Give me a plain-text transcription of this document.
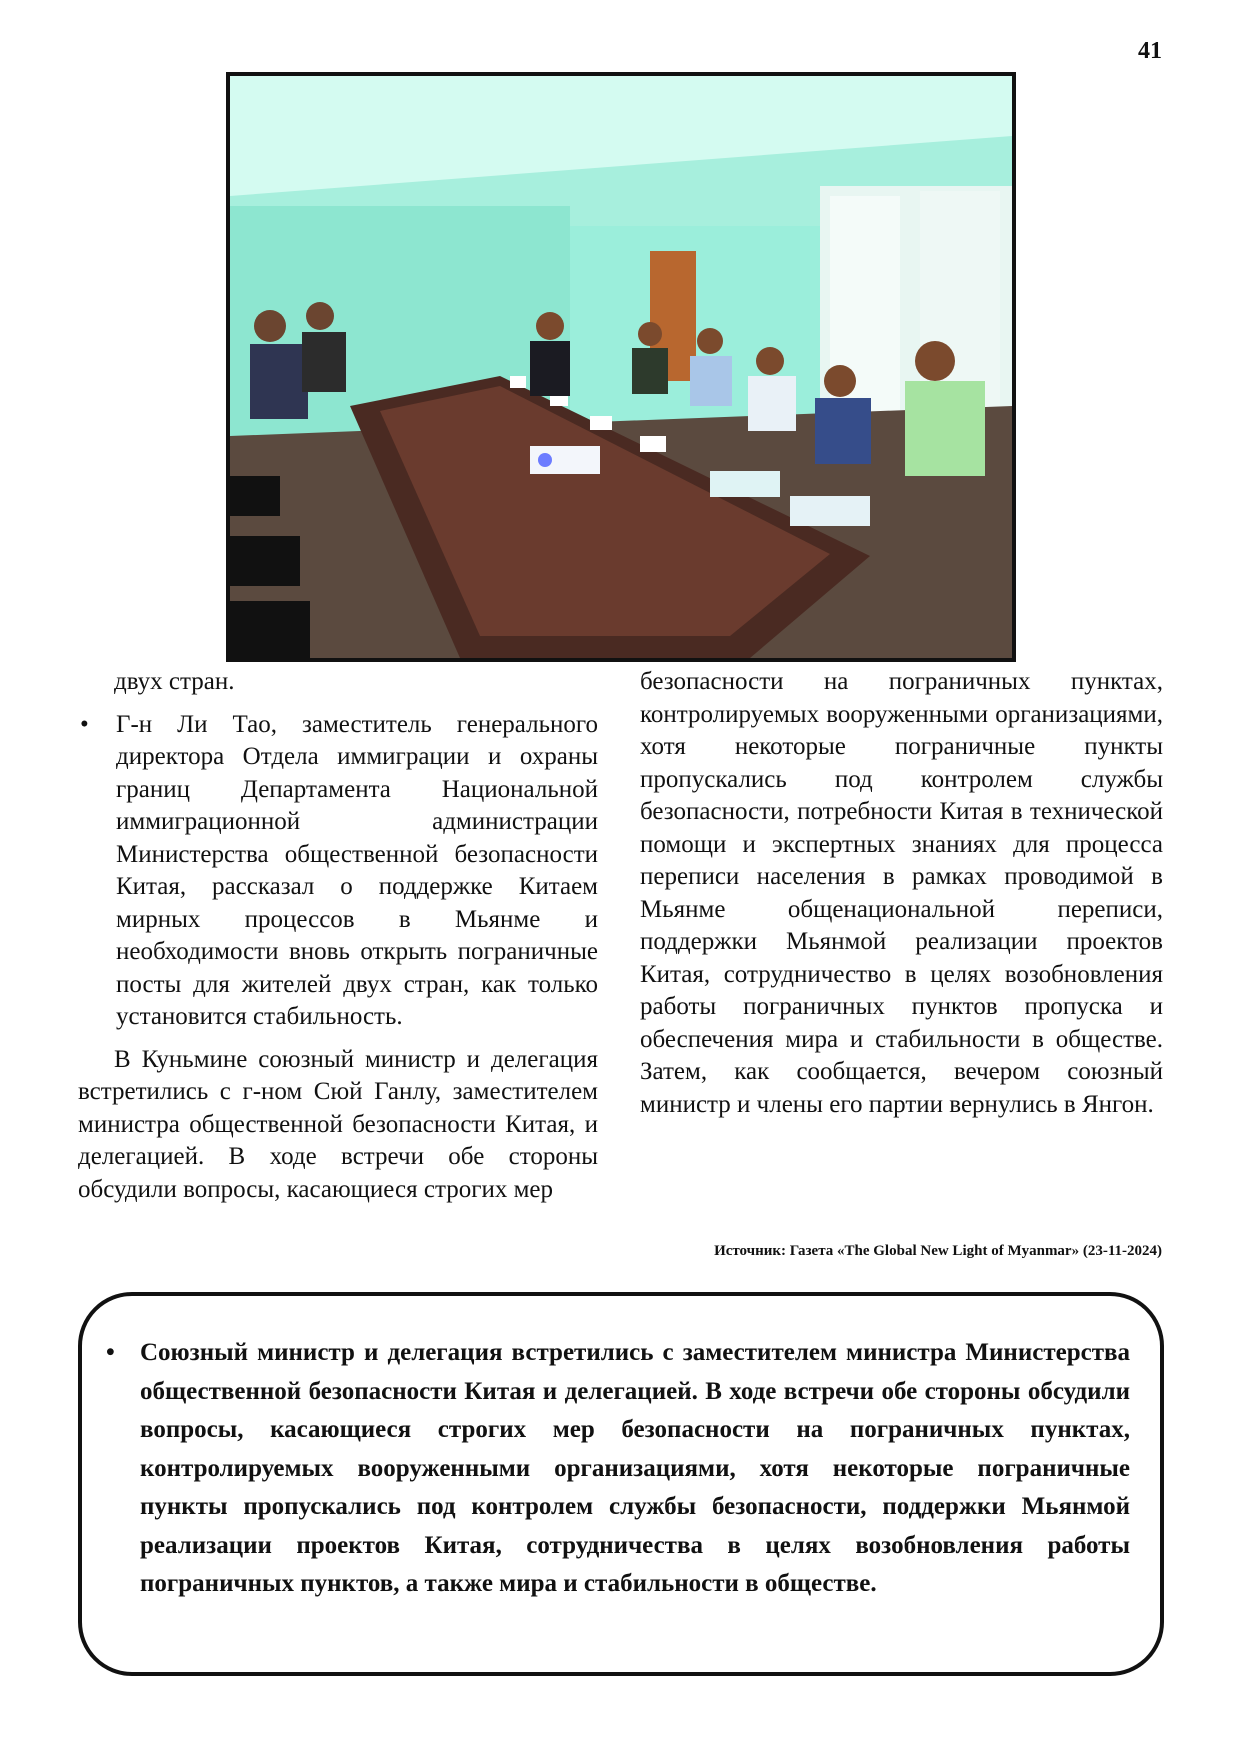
41

двух стран.

• Г-н Ли Тао, заместитель генерального директора Отдела иммиграции и охраны границ Департамента Национальной иммиграционной администрации Министерства общественной безопасности Китая, рассказал о поддержке Китаем мирных процессов в Мьянме и необходимости вновь открыть пограничные посты для жителей двух стран, как только установится стабильность.

В Куньмине союзный министр и делегация встретились с г-ном Сюй Ганлу, заместителем министра общественной безопасности Китая, и делегацией. В ходе встречи обе стороны обсудили вопросы, касающиеся строгих мер

безопасности на пограничных пунктах, контролируемых вооруженными организациями, хотя некоторые пограничные пункты пропускались под контролем службы безопасности, потребности Китая в технической помощи и экспертных знаниях для процесса переписи населения в рамках проводимой в Мьянме общенациональной переписи, поддержки Мьянмой реализации проектов Китая, сотрудничество в целях возобновления работы пограничных пунктов пропуска и обеспечения мира и стабильности в обществе. Затем, как сообщается, вечером союзный министр и члены его партии вернулись в Янгон.

Источник: Газета «The Global New Light of Myanmar» (23-11-2024)
• Союзный министр и делегация встретились с заместителем министра Министерства общественной безопасности Китая и делегацией. В ходе встречи обе стороны обсудили вопросы, касающиеся строгих мер безопасности на пограничных пунктах, контролируемых вооруженными организациями, хотя некоторые пограничные пункты пропускались под контролем службы безопасности, поддержки Мьянмой реализации проектов Китая, сотрудничества в целях возобновления работы пограничных пунктов, а также мира и стабильности в обществе.
